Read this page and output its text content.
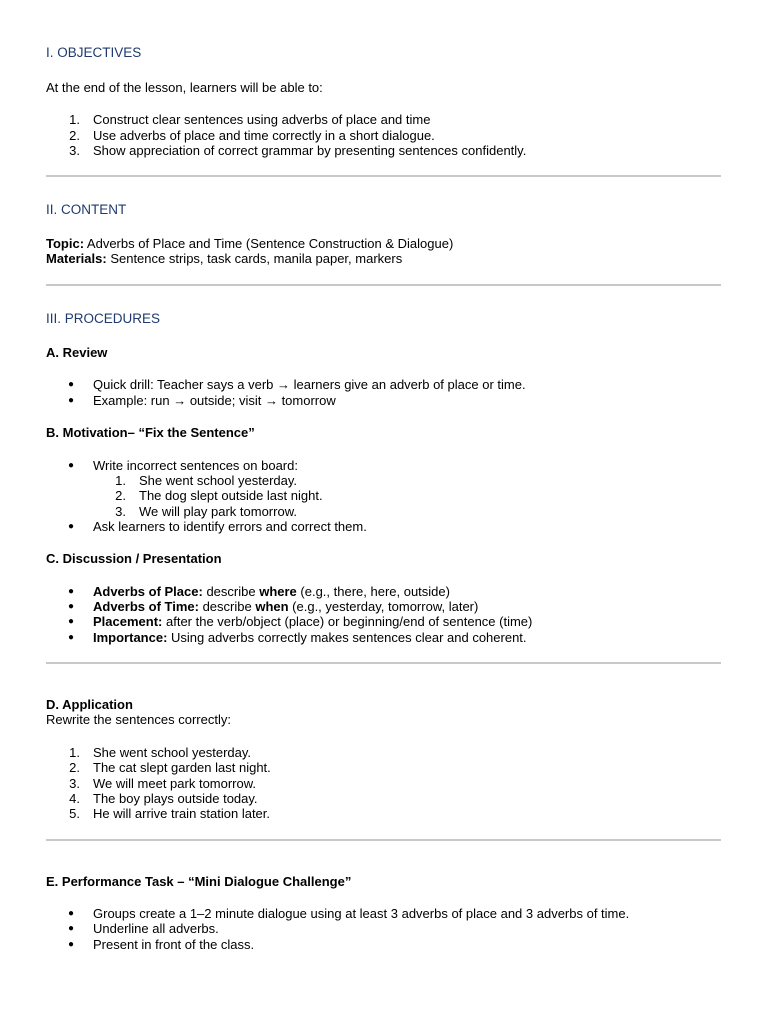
I. OBJECTIVES
At the end of the lesson, learners will be able to:
1. Construct clear sentences using adverbs of place and time
2. Use adverbs of place and time correctly in a short dialogue.
3. Show appreciation of correct grammar by presenting sentences confidently.
II. CONTENT
Topic: Adverbs of Place and Time (Sentence Construction & Dialogue)
Materials: Sentence strips, task cards, manila paper, markers
III. PROCEDURES
A. Review
● Quick drill: Teacher says a verb → learners give an adverb of place or time.
● Example: run → outside; visit → tomorrow
B. Motivation– “Fix the Sentence”
● Write incorrect sentences on board:
1. She went school yesterday.
2. The dog slept outside last night.
3. We will play park tomorrow.
● Ask learners to identify errors and correct them.
C. Discussion / Presentation
● Adverbs of Place: describe where (e.g., there, here, outside)
● Adverbs of Time: describe when (e.g., yesterday, tomorrow, later)
● Placement: after the verb/object (place) or beginning/end of sentence (time)
● Importance: Using adverbs correctly makes sentences clear and coherent.
D. Application
Rewrite the sentences correctly:
1. She went school yesterday.
2. The cat slept garden last night.
3. We will meet park tomorrow.
4. The boy plays outside today.
5. He will arrive train station later.
E. Performance Task – “Mini Dialogue Challenge”
● Groups create a 1–2 minute dialogue using at least 3 adverbs of place and 3 adverbs of time.
● Underline all adverbs.
● Present in front of the class.
